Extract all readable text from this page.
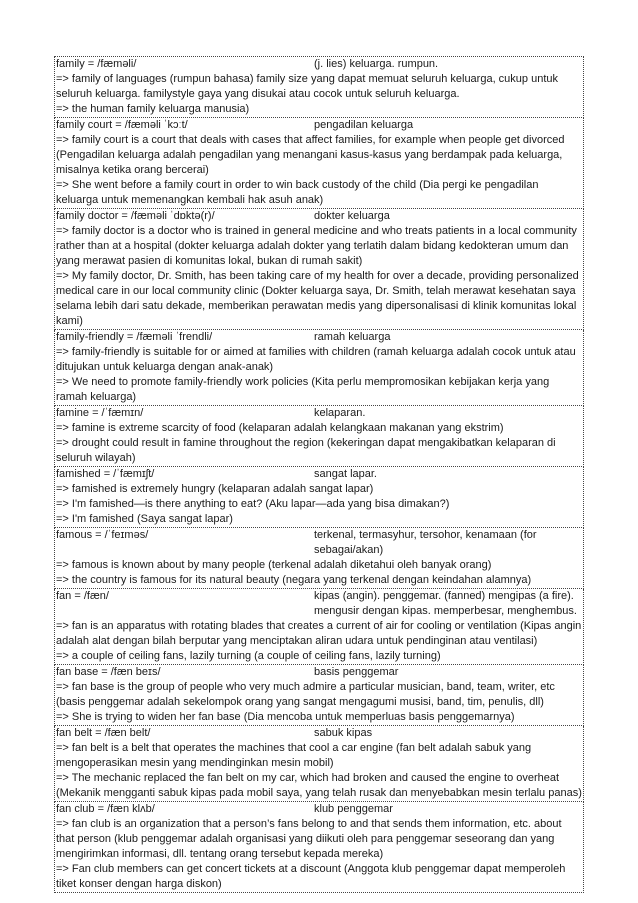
family = /fæməli/	(j. lies) keluarga. rumpun.
=> family of languages (rumpun bahasa) family size yang dapat memuat seluruh keluarga, cukup untuk seluruh keluarga. familystyle gaya yang disukai atau cocok untuk seluruh keluarga.
=> the human family keluarga manusia)
family court = /fæməli ˈkɔːt/	pengadilan keluarga
=> family court is a court that deals with cases that affect families, for example when people get divorced (Pengadilan keluarga adalah pengadilan yang menangani kasus-kasus yang berdampak pada keluarga, misalnya ketika orang bercerai)
=> She went before a family court in order to win back custody of the child (Dia pergi ke pengadilan keluarga untuk memenangkan kembali hak asuh anak)
family doctor = /fæməli ˈdɒktə(r)/	dokter keluarga
=> family doctor is a doctor who is trained in general medicine and who treats patients in a local community rather than at a hospital (dokter keluarga adalah dokter yang terlatih dalam bidang kedokteran umum dan yang merawat pasien di komunitas lokal, bukan di rumah sakit)
=> My family doctor, Dr. Smith, has been taking care of my health for over a decade, providing personalized medical care in our local community clinic (Dokter keluarga saya, Dr. Smith, telah merawat kesehatan saya selama lebih dari satu dekade, memberikan perawatan medis yang dipersonalisasi di klinik komunitas lokal kami)
family-friendly = /fæməli ˈfrendli/	ramah keluarga
=> family-friendly is suitable for or aimed at families with children (ramah keluarga adalah cocok untuk atau ditujukan untuk keluarga dengan anak-anak)
=> We need to promote family-friendly work policies (Kita perlu mempromosikan kebijakan kerja yang ramah keluarga)
famine = /ˈfæmɪn/	kelaparan.
=> famine is extreme scarcity of food (kelaparan adalah kelangkaan makanan yang ekstrim)
=> drought could result in famine throughout the region (kekeringan dapat mengakibatkan kelaparan di seluruh wilayah)
famished = /ˈfæmɪʃt/	sangat lapar.
=> famished is extremely hungry (kelaparan adalah sangat lapar)
=> I'm famished—is there anything to eat? (Aku lapar—ada yang bisa dimakan?)
=> I'm famished (Saya sangat lapar)
famous = /ˈfeɪməs/	terkenal, termasyhur, tersohor, kenamaan (for sebagai/akan)
=> famous is known about by many people (terkenal adalah diketahui oleh banyak orang)
=> the country is famous for its natural beauty (negara yang terkenal dengan keindahan alamnya)
fan = /fæn/	kipas (angin). penggemar. (fanned) mengipas (a fire). mengusir dengan kipas. memperbesar, menghembus.
=> fan is an apparatus with rotating blades that creates a current of air for cooling or ventilation (Kipas angin adalah alat dengan bilah berputar yang menciptakan aliran udara untuk pendinginan atau ventilasi)
=> a couple of ceiling fans, lazily turning (a couple of ceiling fans, lazily turning)
fan base = /fæn beɪs/	basis penggemar
=> fan base is the group of people who very much admire a particular musician, band, team, writer, etc (basis penggemar adalah sekelompok orang yang sangat mengagumi musisi, band, tim, penulis, dll)
=> She is trying to widen her fan base (Dia mencoba untuk memperluas basis penggemarnya)
fan belt = /fæn belt/	sabuk kipas
=> fan belt is a belt that operates the machines that cool a car engine (fan belt adalah sabuk yang mengoperasikan mesin yang mendinginkan mesin mobil)
=> The mechanic replaced the fan belt on my car, which had broken and caused the engine to overheat (Mekanik mengganti sabuk kipas pada mobil saya, yang telah rusak dan menyebabkan mesin terlalu panas)
fan club = /fæn klʌb/	klub penggemar
=> fan club is an organization that a person’s fans belong to and that sends them information, etc. about that person (klub penggemar adalah organisasi yang diikuti oleh para penggemar seseorang dan yang mengirimkan informasi, dll. tentang orang tersebut kepada mereka)
=> Fan club members can get concert tickets at a discount (Anggota klub penggemar dapat memperoleh tiket konser dengan harga diskon)
